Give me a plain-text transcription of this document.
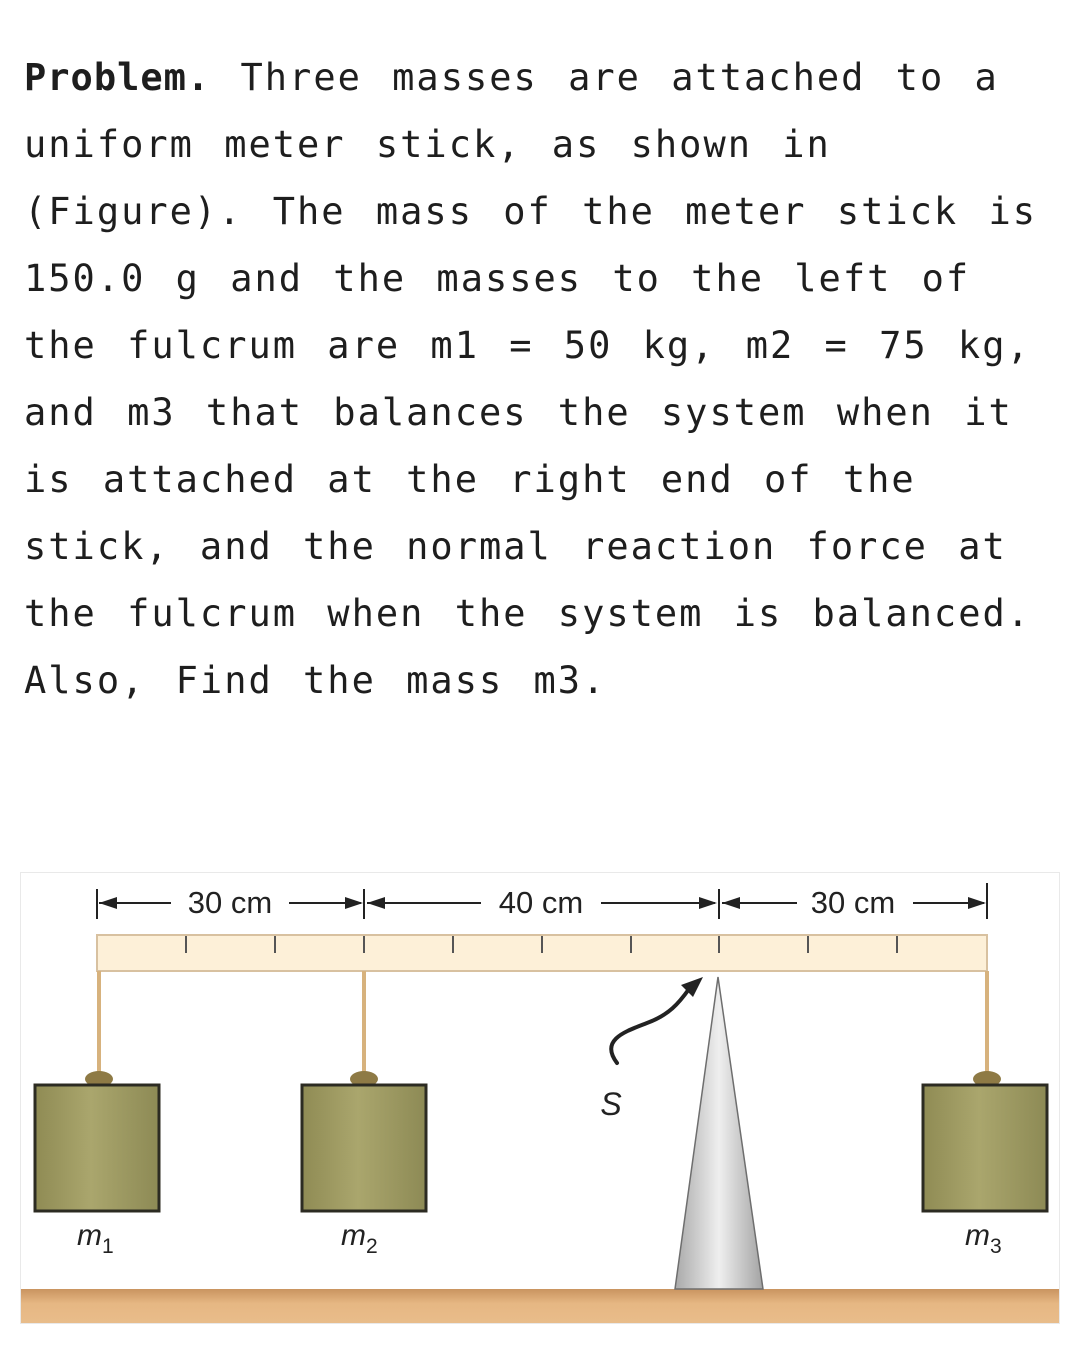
Problem. Three masses are attached to a uniform meter stick, as shown in (Figure). The mass of the meter stick is 150.0 g and the masses to the left of the fulcrum are m1 = 50 kg, m2 = 75 kg, and m3 that balances the system when it is attached at the right end of the stick, and the normal reaction force at the fulcrum when the system is balanced. Also, Find the mass m3.

30 cm	40 cm	30 cm
S
$m_1$	$m_2$	$m_3$
